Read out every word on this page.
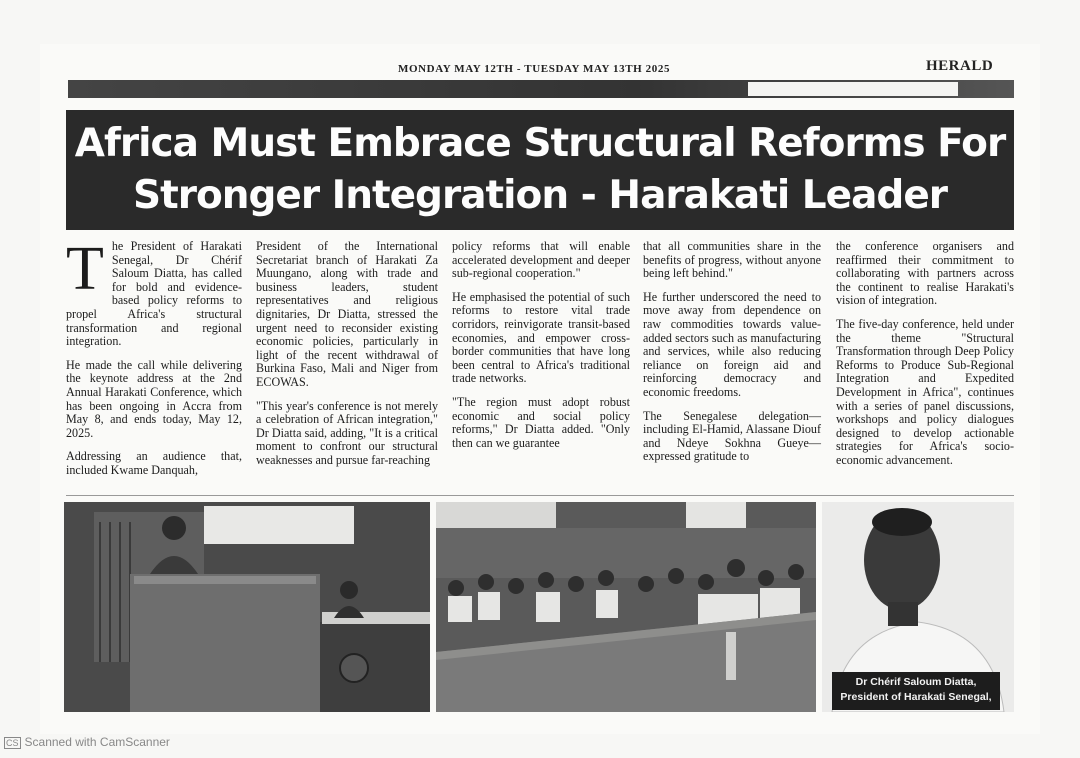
MONDAY MAY 12TH - TUESDAY MAY 13TH 2025	HERALD
Africa Must Embrace Structural Reforms For
Stronger Integration - Harakati Leader

The President of Harakati Senegal, Dr Chérif Saloum Diatta, has called for bold and evidence-based policy reforms to propel Africa's structural transformation and regional integration.

He made the call while delivering the keynote address at the 2nd Annual Harakati Conference, which has been ongoing in Accra from May 8, and ends today, May 12, 2025.

Addressing an audience that, included Kwame Danquah,

President of the International Secretariat branch of Harakati Za Muungano, along with trade and business leaders, student representatives and religious dignitaries, Dr Diatta, stressed the urgent need to reconsider existing economic policies, particularly in light of the recent withdrawal of Burkina Faso, Mali and Niger from ECOWAS.

"This year's conference is not merely a celebration of African integration," Dr Diatta said, adding, "It is a critical moment to confront our structural weaknesses and pursue far-reaching

policy reforms that will enable accelerated development and deeper sub-regional cooperation."

He emphasised the potential of such reforms to restore vital trade corridors, reinvigorate transit-based economies, and empower cross-border communities that have long been central to Africa's traditional trade networks.

"The region must adopt robust economic and social policy reforms," Dr Diatta added. "Only then can we guarantee

that all communities share in the benefits of progress, without anyone being left behind."

He further underscored the need to move away from dependence on raw commodities towards value-added sectors such as manufacturing and services, while also reducing reliance on foreign aid and reinforcing democracy and economic freedoms.

The Senegalese delegation—including El-Hamid, Alassane Diouf and Ndeye Sokhna Gueye—expressed gratitude to

the conference organisers and reaffirmed their commitment to collaborating with partners across the continent to realise Harakati's vision of integration.

The five-day conference, held under the theme "Structural Transformation through Deep Policy Reforms to Produce Sub-Regional Integration and Expedited Development in Africa", continues with a series of panel discussions, workshops and policy dialogues designed to develop actionable strategies for Africa's socio-economic advancement.

Dr Chérif Saloum Diatta,
President of Harakati Senegal,
CS Scanned with CamScanner
